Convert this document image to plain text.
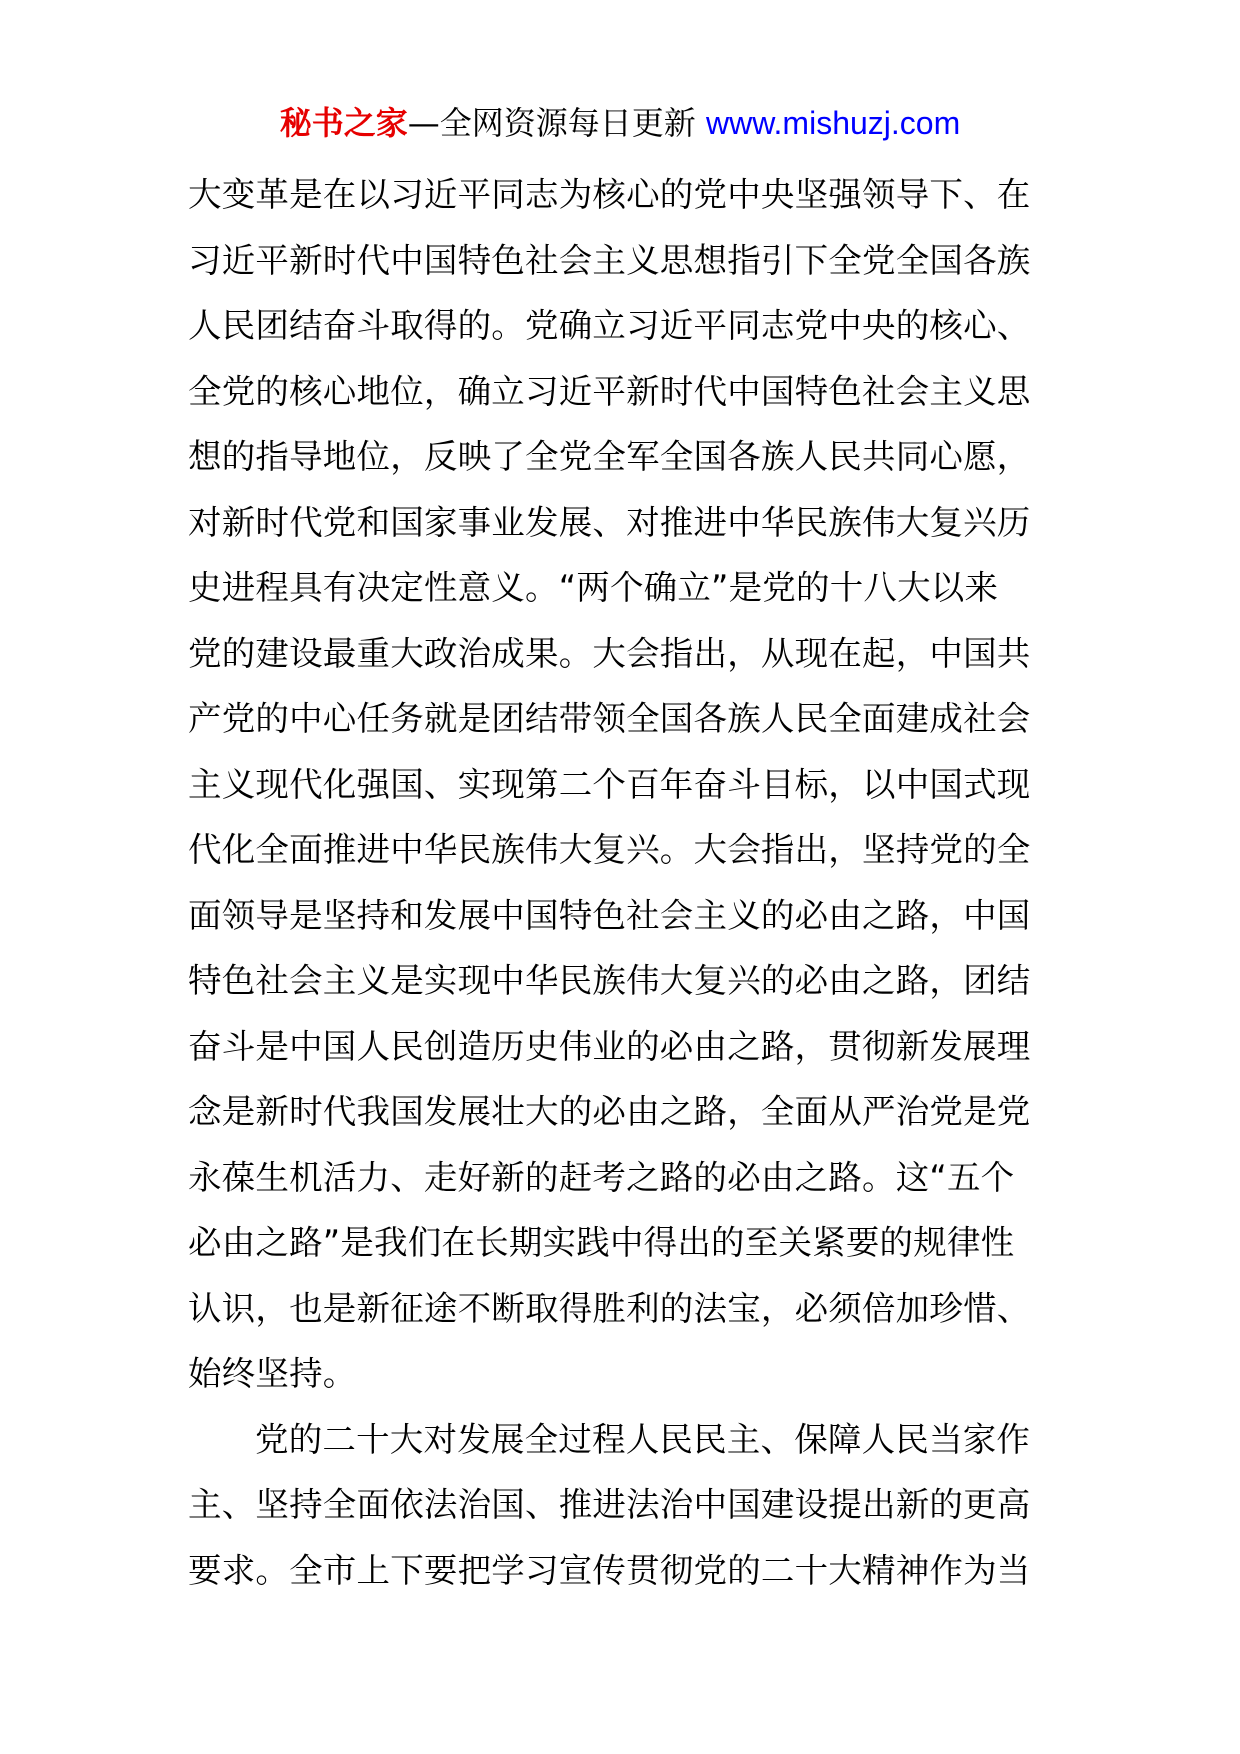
秘书之家—全网资源每日更新 www.mishuzj.com
大变革是在以习近平同志为核心的党中央坚强领导下、在
习近平新时代中国特色社会主义思想指引下全党全国各族
人民团结奋斗取得的。党确立习近平同志党中央的核心、
全党的核心地位，确立习近平新时代中国特色社会主义思
想的指导地位，反映了全党全军全国各族人民共同心愿，
对新时代党和国家事业发展、对推进中华民族伟大复兴历
史进程具有决定性意义。“两个确立”是党的十八大以来
党的建设最重大政治成果。大会指出，从现在起，中国共
产党的中心任务就是团结带领全国各族人民全面建成社会
主义现代化强国、实现第二个百年奋斗目标，以中国式现
代化全面推进中华民族伟大复兴。大会指出，坚持党的全
面领导是坚持和发展中国特色社会主义的必由之路，中国
特色社会主义是实现中华民族伟大复兴的必由之路，团结
奋斗是中国人民创造历史伟业的必由之路，贯彻新发展理
念是新时代我国发展壮大的必由之路，全面从严治党是党
永葆生机活力、走好新的赶考之路的必由之路。这“五个
必由之路”是我们在长期实践中得出的至关紧要的规律性
认识，也是新征途不断取得胜利的法宝，必须倍加珍惜、
始终坚持。
党的二十大对发展全过程人民民主、保障人民当家作
主、坚持全面依法治国、推进法治中国建设提出新的更高
要求。全市上下要把学习宣传贯彻党的二十大精神作为当
